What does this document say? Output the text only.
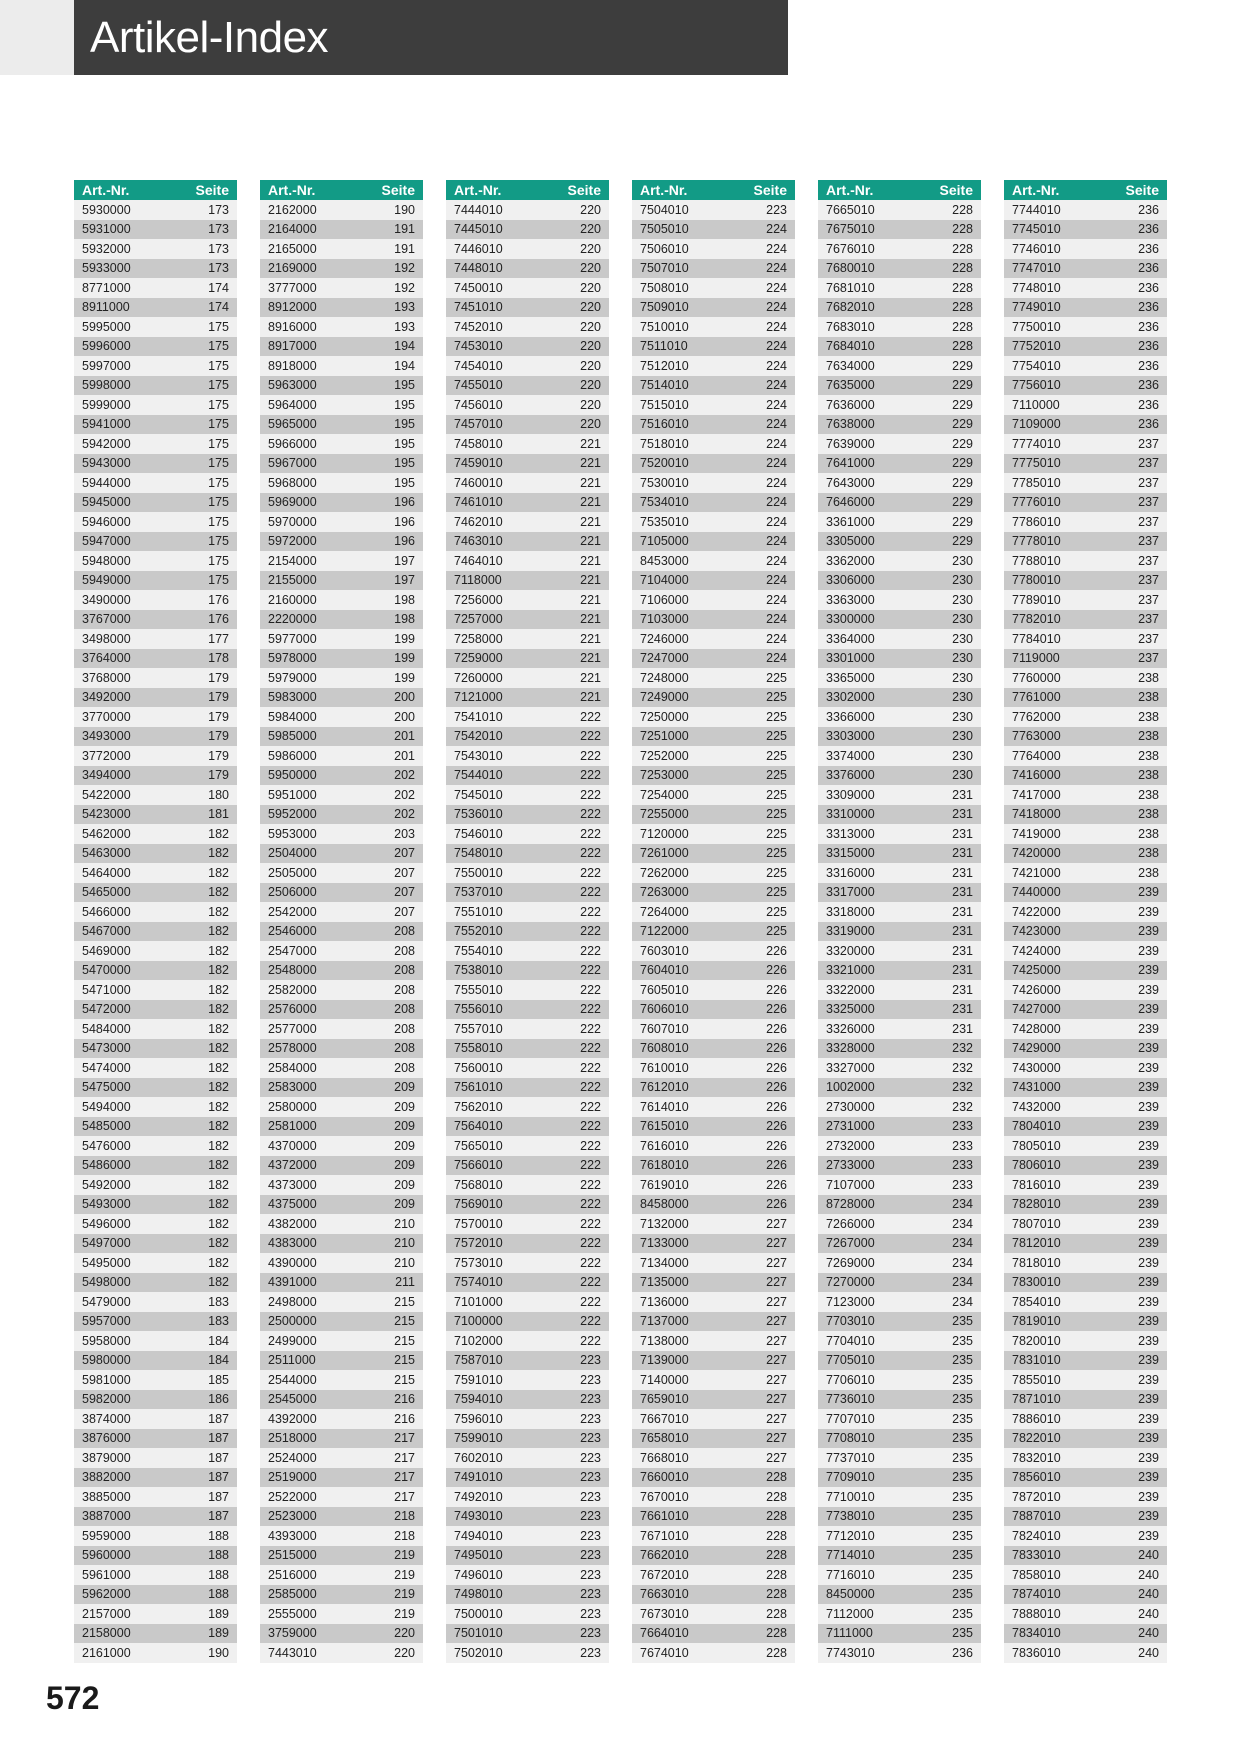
Artikel-Index
Art.-Nr.	Seite
5930000	173
5931000	173
5932000	173
5933000	173
8771000	174
8911000	174
5995000	175
5996000	175
5997000	175
5998000	175
5999000	175
5941000	175
5942000	175
5943000	175
5944000	175
5945000	175
5946000	175
5947000	175
5948000	175
5949000	175
3490000	176
3767000	176
3498000	177
3764000	178
3768000	179
3492000	179
3770000	179
3493000	179
3772000	179
3494000	179
5422000	180
5423000	181
5462000	182
5463000	182
5464000	182
5465000	182
5466000	182
5467000	182
5469000	182
5470000	182
5471000	182
5472000	182
5484000	182
5473000	182
5474000	182
5475000	182
5494000	182
5485000	182
5476000	182
5486000	182
5492000	182
5493000	182
5496000	182
5497000	182
5495000	182
5498000	182
5479000	183
5957000	183
5958000	184
5980000	184
5981000	185
5982000	186
3874000	187
3876000	187
3879000	187
3882000	187
3885000	187
3887000	187
5959000	188
5960000	188
5961000	188
5962000	188
2157000	189
2158000	189
2161000	190
Art.-Nr.	Seite
2162000	190
2164000	191
2165000	191
2169000	192
3777000	192
8912000	193
8916000	193
8917000	194
8918000	194
5963000	195
5964000	195
5965000	195
5966000	195
5967000	195
5968000	195
5969000	196
5970000	196
5972000	196
2154000	197
2155000	197
2160000	198
2220000	198
5977000	199
5978000	199
5979000	199
5983000	200
5984000	200
5985000	201
5986000	201
5950000	202
5951000	202
5952000	202
5953000	203
2504000	207
2505000	207
2506000	207
2542000	207
2546000	208
2547000	208
2548000	208
2582000	208
2576000	208
2577000	208
2578000	208
2584000	208
2583000	209
2580000	209
2581000	209
4370000	209
4372000	209
4373000	209
4375000	209
4382000	210
4383000	210
4390000	210
4391000	211
2498000	215
2500000	215
2499000	215
2511000	215
2544000	215
2545000	216
4392000	216
2518000	217
2524000	217
2519000	217
2522000	217
2523000	218
4393000	218
2515000	219
2516000	219
2585000	219
2555000	219
3759000	220
7443010	220
Art.-Nr.	Seite
7444010	220
7445010	220
7446010	220
7448010	220
7450010	220
7451010	220
7452010	220
7453010	220
7454010	220
7455010	220
7456010	220
7457010	220
7458010	221
7459010	221
7460010	221
7461010	221
7462010	221
7463010	221
7464010	221
7118000	221
7256000	221
7257000	221
7258000	221
7259000	221
7260000	221
7121000	221
7541010	222
7542010	222
7543010	222
7544010	222
7545010	222
7536010	222
7546010	222
7548010	222
7550010	222
7537010	222
7551010	222
7552010	222
7554010	222
7538010	222
7555010	222
7556010	222
7557010	222
7558010	222
7560010	222
7561010	222
7562010	222
7564010	222
7565010	222
7566010	222
7568010	222
7569010	222
7570010	222
7572010	222
7573010	222
7574010	222
7101000	222
7100000	222
7102000	222
7587010	223
7591010	223
7594010	223
7596010	223
7599010	223
7602010	223
7491010	223
7492010	223
7493010	223
7494010	223
7495010	223
7496010	223
7498010	223
7500010	223
7501010	223
7502010	223
Art.-Nr.	Seite
7504010	223
7505010	224
7506010	224
7507010	224
7508010	224
7509010	224
7510010	224
7511010	224
7512010	224
7514010	224
7515010	224
7516010	224
7518010	224
7520010	224
7530010	224
7534010	224
7535010	224
7105000	224
8453000	224
7104000	224
7106000	224
7103000	224
7246000	224
7247000	224
7248000	225
7249000	225
7250000	225
7251000	225
7252000	225
7253000	225
7254000	225
7255000	225
7120000	225
7261000	225
7262000	225
7263000	225
7264000	225
7122000	225
7603010	226
7604010	226
7605010	226
7606010	226
7607010	226
7608010	226
7610010	226
7612010	226
7614010	226
7615010	226
7616010	226
7618010	226
7619010	226
8458000	226
7132000	227
7133000	227
7134000	227
7135000	227
7136000	227
7137000	227
7138000	227
7139000	227
7140000	227
7659010	227
7667010	227
7658010	227
7668010	227
7660010	228
7670010	228
7661010	228
7671010	228
7662010	228
7672010	228
7663010	228
7673010	228
7664010	228
7674010	228
Art.-Nr.	Seite
7665010	228
7675010	228
7676010	228
7680010	228
7681010	228
7682010	228
7683010	228
7684010	228
7634000	229
7635000	229
7636000	229
7638000	229
7639000	229
7641000	229
7643000	229
7646000	229
3361000	229
3305000	229
3362000	230
3306000	230
3363000	230
3300000	230
3364000	230
3301000	230
3365000	230
3302000	230
3366000	230
3303000	230
3374000	230
3376000	230
3309000	231
3310000	231
3313000	231
3315000	231
3316000	231
3317000	231
3318000	231
3319000	231
3320000	231
3321000	231
3322000	231
3325000	231
3326000	231
3328000	232
3327000	232
1002000	232
2730000	232
2731000	233
2732000	233
2733000	233
7107000	233
8728000	234
7266000	234
7267000	234
7269000	234
7270000	234
7123000	234
7703010	235
7704010	235
7705010	235
7706010	235
7736010	235
7707010	235
7708010	235
7737010	235
7709010	235
7710010	235
7738010	235
7712010	235
7714010	235
7716010	235
8450000	235
7112000	235
7111000	235
7743010	236
Art.-Nr.	Seite
7744010	236
7745010	236
7746010	236
7747010	236
7748010	236
7749010	236
7750010	236
7752010	236
7754010	236
7756010	236
7110000	236
7109000	236
7774010	237
7775010	237
7785010	237
7776010	237
7786010	237
7778010	237
7788010	237
7780010	237
7789010	237
7782010	237
7784010	237
7119000	237
7760000	238
7761000	238
7762000	238
7763000	238
7764000	238
7416000	238
7417000	238
7418000	238
7419000	238
7420000	238
7421000	238
7440000	239
7422000	239
7423000	239
7424000	239
7425000	239
7426000	239
7427000	239
7428000	239
7429000	239
7430000	239
7431000	239
7432000	239
7804010	239
7805010	239
7806010	239
7816010	239
7828010	239
7807010	239
7812010	239
7818010	239
7830010	239
7854010	239
7819010	239
7820010	239
7831010	239
7855010	239
7871010	239
7886010	239
7822010	239
7832010	239
7856010	239
7872010	239
7887010	239
7824010	239
7833010	240
7858010	240
7874010	240
7888010	240
7834010	240
7836010	240
572
